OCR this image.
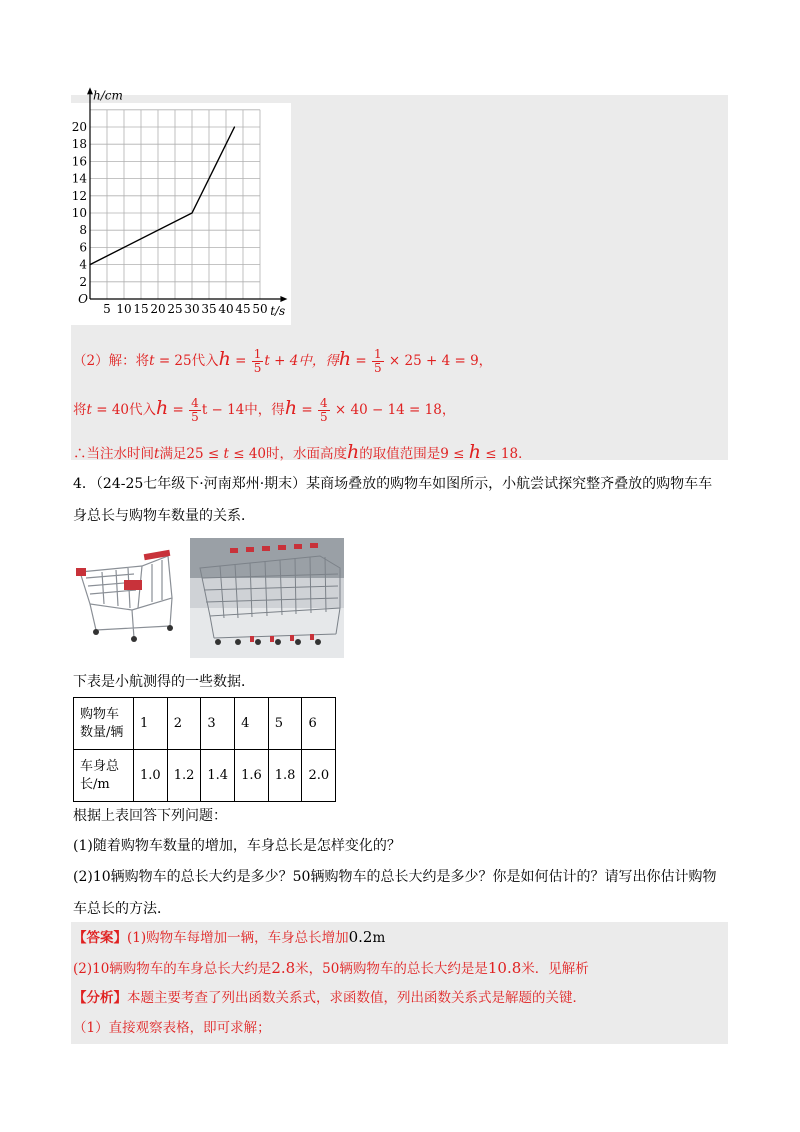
5 10 15 20 25 30 35 40 45 50
2
4
6
8
10
12
14
16
18
20
O
h/cm
t/s
（2）解：将t = 25代入$h = \frac{1}{5}$ t + 4中，得$h = \frac{1}{5} \times 25 + 4 = 9$，
将t = 40代入$h = \frac{4}{5}$ t − 14中，得$h = \frac{4}{5} \times 40 - 14 = 18$，
∴当注水时间t满足25 ≤ t ≤ 40时，水面高度h的取值范围是9 ≤ h ≤ 18．
4．（24-25七年级下·河南郑州·期末）某商场叠放的购物车如图所示，小航尝试探究整齐叠放的购物车车
身总长与购物车数量的关系．
下表是小航测得的一些数据．
购物车
数量/辆	1	2	3	4	5	6

车身总
长/m	1.0	1.2	1.4	1.6	1.8	2.0
根据上表回答下列问题：
(1)随着购物车数量的增加，车身总长是怎样变化的？
(2)10辆购物车的总长大约是多少？50辆购物车的总长大约是多少？你是如何估计的？请写出你估计购物
车总长的方法．
【答案】(1)购物车每增加一辆，车身总长增加0.2m
(2)10辆购物车的车身总长大约是2.8米，50辆购物车的总长大约是是10.8米．见解析
【分析】本题主要考查了列出函数关系式，求函数值，列出函数关系式是解题的关键．
（1）直接观察表格，即可求解；
